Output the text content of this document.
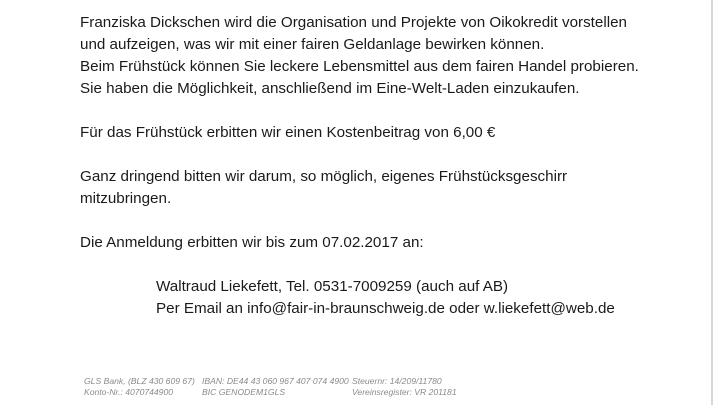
Franziska Dickschen wird die Organisation und Projekte von Oikokredit vorstellen

und aufzeigen, was wir mit einer fairen Geldanlage bewirken können.

Beim Frühstück können Sie leckere Lebensmittel aus dem fairen Handel probieren.

Sie haben die Möglichkeit, anschließend im Eine-Welt-Laden einzukaufen.

Für das Frühstück erbitten wir einen Kostenbeitrag von 6,00 €

Ganz dringend bitten wir darum, so möglich, eigenes Frühstücksgeschirr

mitzubringen.

Die Anmeldung erbitten wir bis zum 07.02.2017 an:

Waltraud Liekefett, Tel. 0531-7009259 (auch auf AB)

Per Email an info@fair-in-braunschweig.de oder w.liekefett@web.de

GLS Bank, (BLZ 430 609 67) IBAN: DE44 43 060 967 407 074 4900 Steuernr: 14/209/11780
Konto-Nr.: 4070744900	BIC GENODEM1GLS	Vereinsregister: VR 201181
